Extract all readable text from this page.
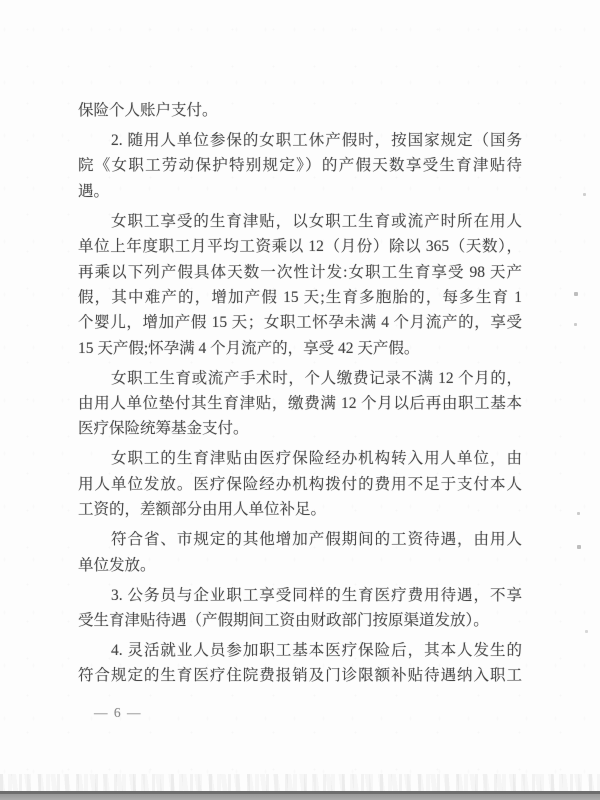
保险个人账户支付。
2. 随用人单位参保的女职工休产假时，按国家规定（国务
院《女职工劳动保护特别规定》）的产假天数享受生育津贴待
遇。
女职工享受的生育津贴，以女职工生育或流产时所在用人
单位上年度职工月平均工资乘以 12（月份）除以 365（天数），
再乘以下列产假具体天数一次性计发:女职工生育享受 98 天产
假，其中难产的，增加产假 15 天;生育多胞胎的，每多生育 1
个婴儿，增加产假 15 天；女职工怀孕未满 4 个月流产的，享受
15 天产假;怀孕满 4 个月流产的，享受 42 天产假。
女职工生育或流产手术时，个人缴费记录不满 12 个月的，
由用人单位垫付其生育津贴，缴费满 12 个月以后再由职工基本
医疗保险统筹基金支付。
女职工的生育津贴由医疗保险经办机构转入用人单位，由
用人单位发放。医疗保险经办机构拨付的费用不足于支付本人
工资的，差额部分由用人单位补足。
符合省、市规定的其他增加产假期间的工资待遇，由用人
单位发放。
3. 公务员与企业职工享受同样的生育医疗费用待遇，不享
受生育津贴待遇（产假期间工资由财政部门按原渠道发放）。
4. 灵活就业人员参加职工基本医疗保险后，其本人发生的
符合规定的生育医疗住院费报销及门诊限额补贴待遇纳入职工
— 6 —
